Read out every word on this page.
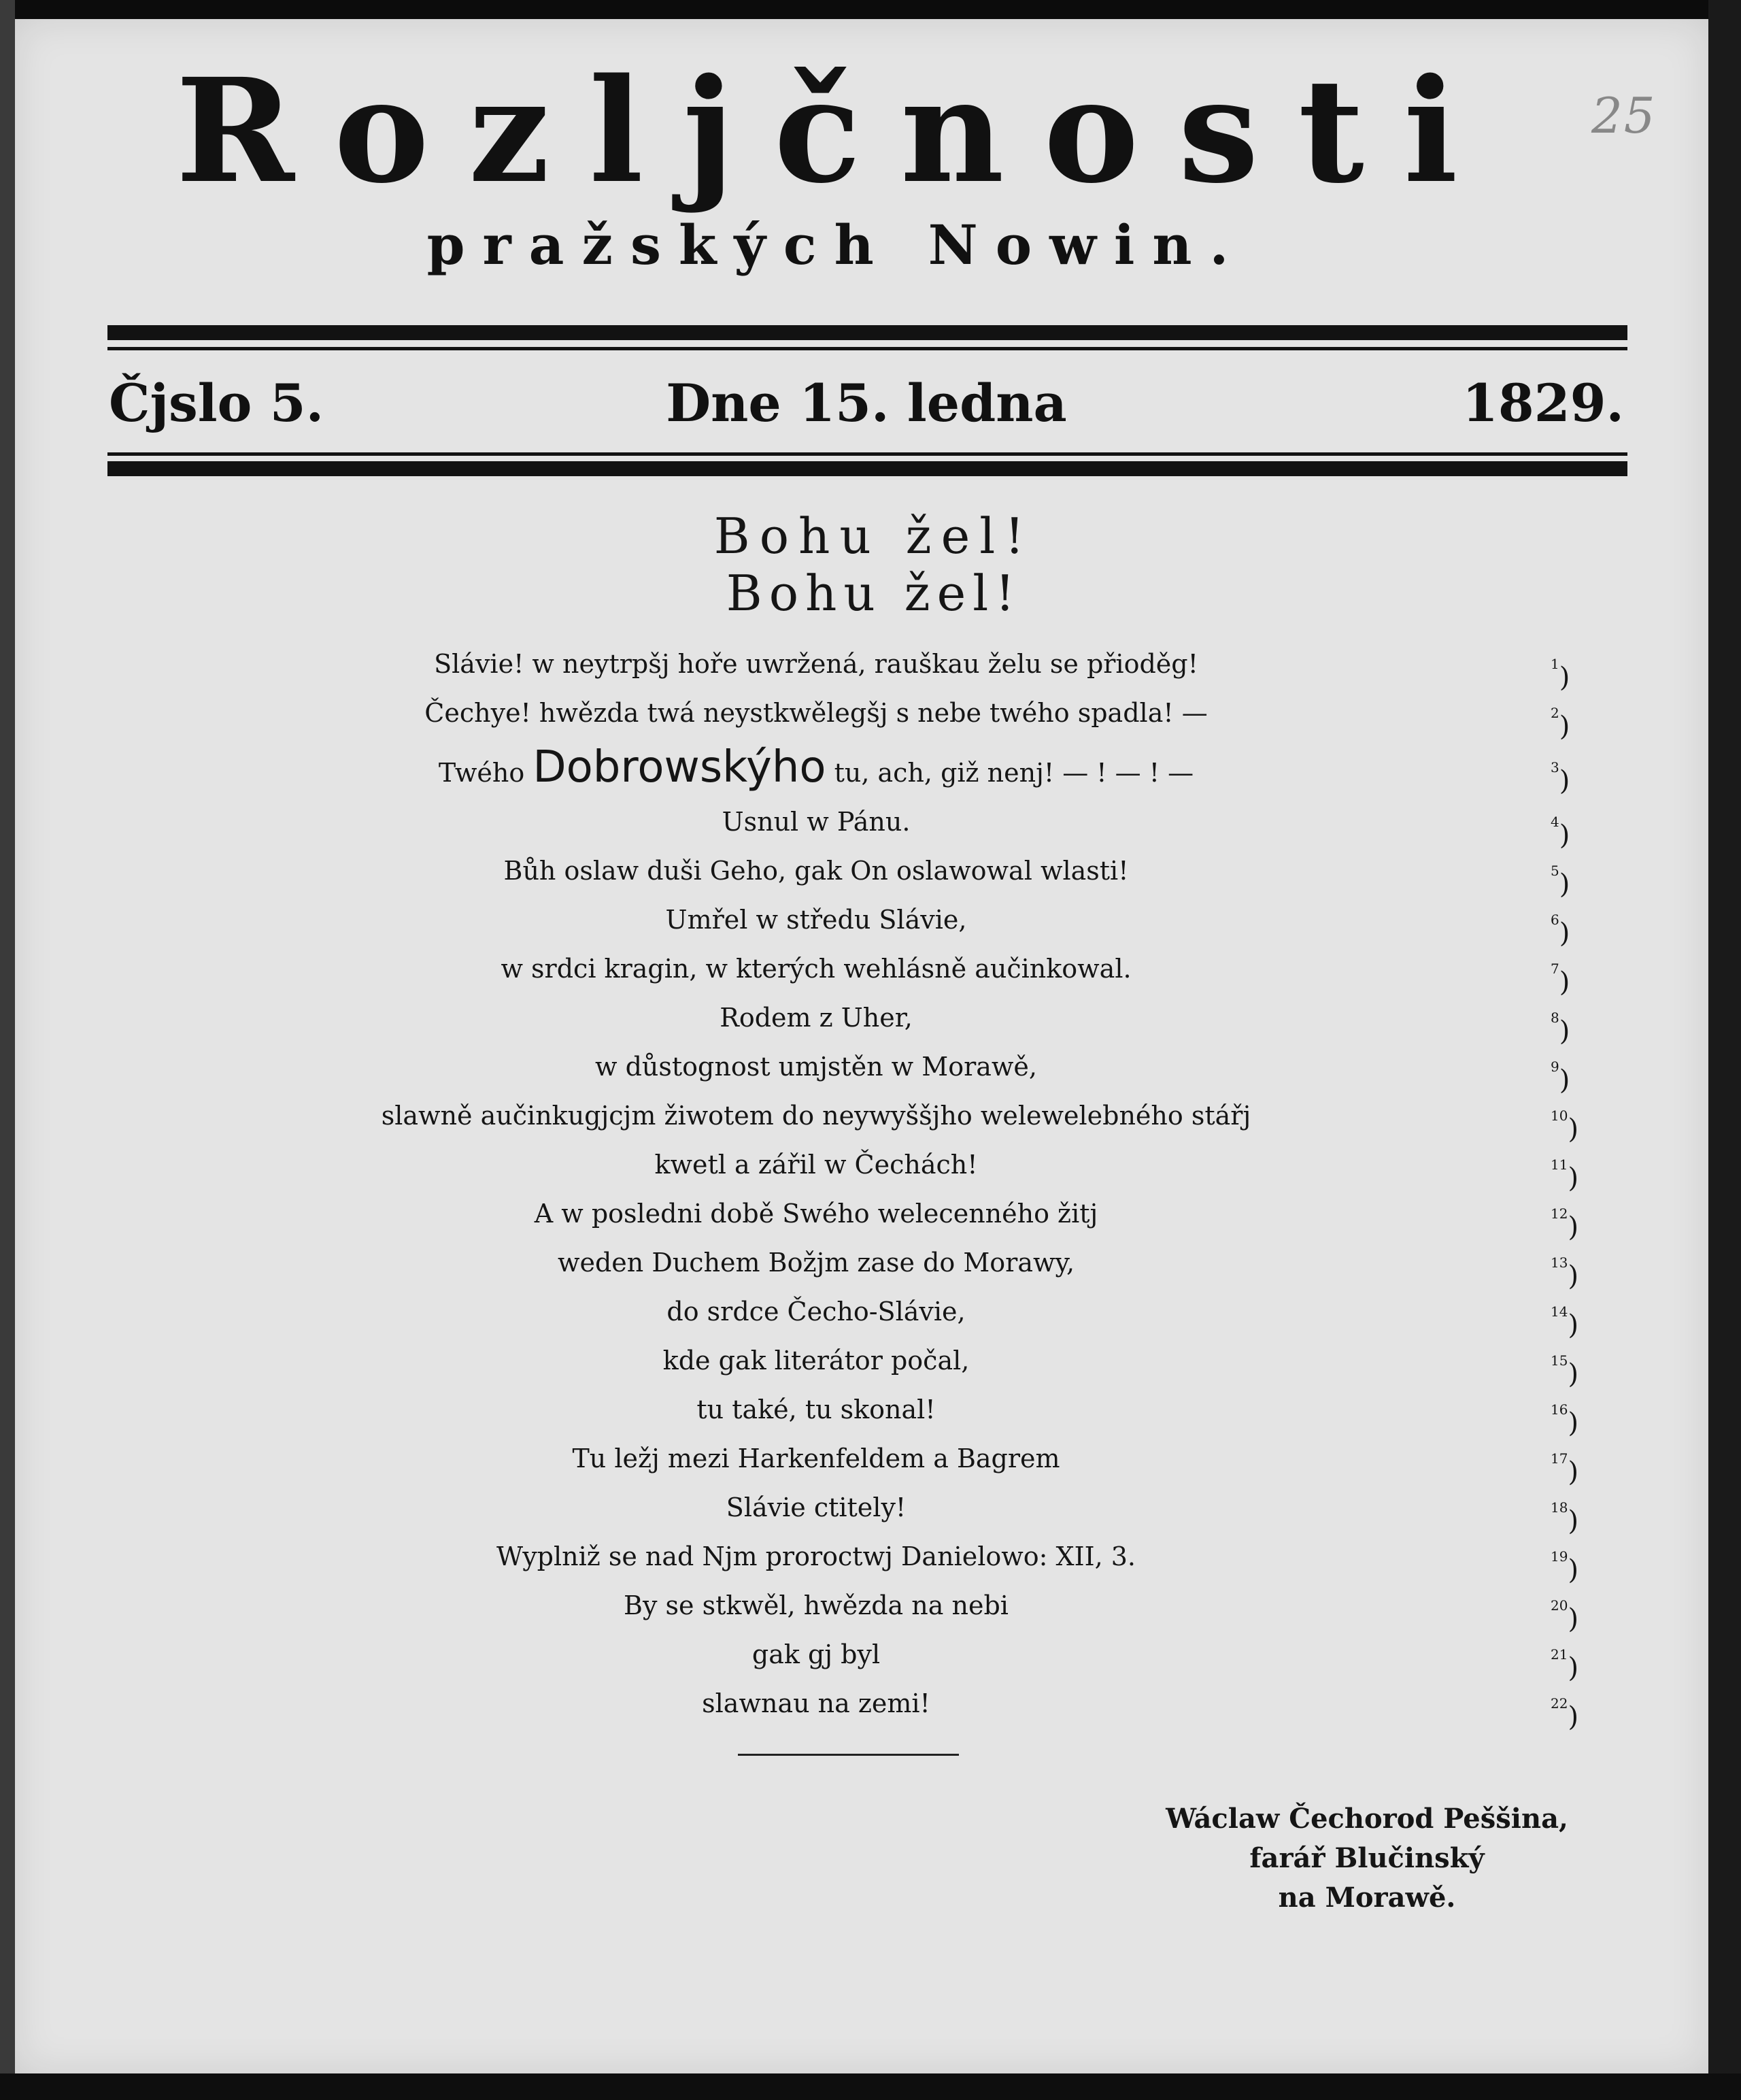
25
Rozljčnosti
pražských Nowin.
Čjslo 5.	Dne 15. ledna	1829.
Bohu žel!
Bohu žel!
Slávie! w neytrpšj hoře uwržená, rauškau želu se přioděg!	$^1$)
Čechye! hwězda twá neystkwělegšj s nebe twého spadla! —	$^2$)
Twého Dobrowskýho tu, ach, giž nenj! — ! — ! —	$^3$)
Usnul w Pánu.	$^4$)
Bůh oslaw duši Geho, gak On oslawowal wlasti!	$^5$)
Umřel w středu Slávie,	$^6$)
w srdci kragin, w kterých wehlásně aučinkowal.	$^7$)
Rodem z Uher,	$^8$)
w důstognost umjstěn w Morawě,	$^9$)
slawně aučinkugjcjm žiwotem do neywyššjho welewelebného stářj	$^{10}$)
kwetl a zářil w Čechách!	$^{11}$)
A w posledni době Swého welecenného žitj	$^{12}$)
weden Duchem Božjm zase do Morawy,	$^{13}$)
do srdce Čecho-Slávie,	$^{14}$)
kde gak literátor počal,	$^{15}$)
tu také, tu skonal!	$^{16}$)
Tu ležj mezi Harkenfeldem a Bagrem	$^{17}$)
Slávie ctitely!	$^{18}$)
Wyplniž se nad Njm proroctwj Danielowo: XII, 3.	$^{19}$)
By se stkwěl, hwězda na nebi	$^{20}$)
gak gj byl	$^{21}$)
slawnau na zemi!	$^{22}$)
Wáclaw Čechorod Peššina,
farář Blučinský
na Morawě.
